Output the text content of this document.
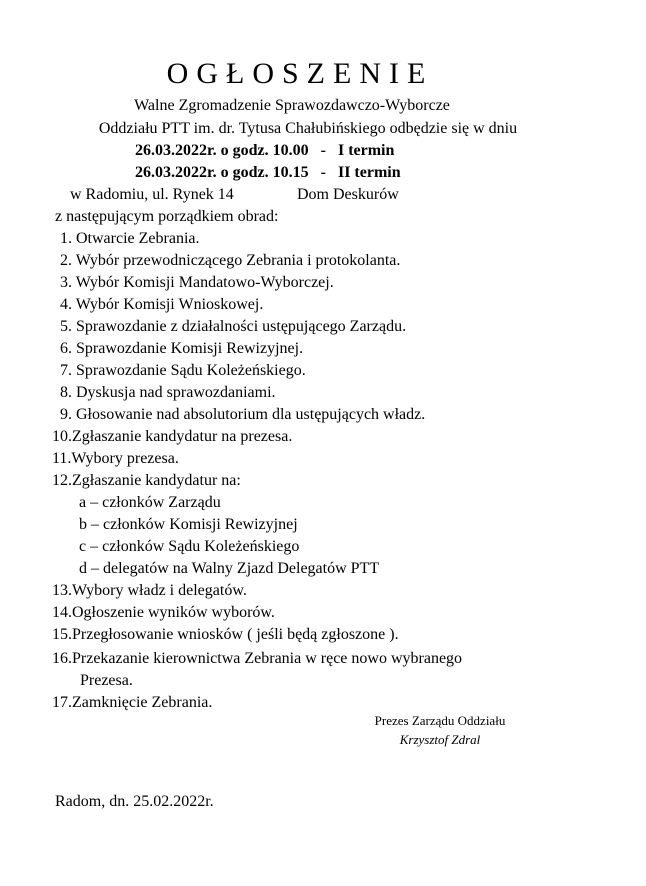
OGŁOSZENIE
Walne Zgromadzenie Sprawozdawczo-Wyborcze
Oddziału PTT im. dr. Tytusa Chałubińskiego odbędzie się w dniu
26.03.2022r. o godz. 10.00   -   I termin
26.03.2022r. o godz. 10.15   -   II termin
w Radomiu, ul. Rynek 14	Dom Deskurów
z następującym porządkiem obrad:
1. Otwarcie Zebrania.
2. Wybór przewodniczącego Zebrania i protokolanta.
3. Wybór Komisji Mandatowo-Wyborczej.
4. Wybór Komisji Wnioskowej.
5. Sprawozdanie z działalności ustępującego Zarządu.
6. Sprawozdanie Komisji Rewizyjnej.
7. Sprawozdanie Sądu Koleżeńskiego.
8. Dyskusja nad sprawozdaniami.
9. Głosowanie nad absolutorium dla ustępujących władz.
10.Zgłaszanie kandydatur na prezesa.
11.Wybory prezesa.
12.Zgłaszanie kandydatur na:
a – członków Zarządu
b – członków Komisji Rewizyjnej
c – członków Sądu Koleżeńskiego
d – delegatów na Walny Zjazd Delegatów PTT
13.Wybory władz i delegatów.
14.Ogłoszenie wyników wyborów.
15.Przegłosowanie wniosków ( jeśli będą zgłoszone ).
16.Przekazanie kierownictwa Zebrania w ręce nowo wybranego
Prezesa.
17.Zamknięcie Zebrania.
Prezes Zarządu Oddziału
Krzysztof Zdral
Radom, dn. 25.02.2022r.
